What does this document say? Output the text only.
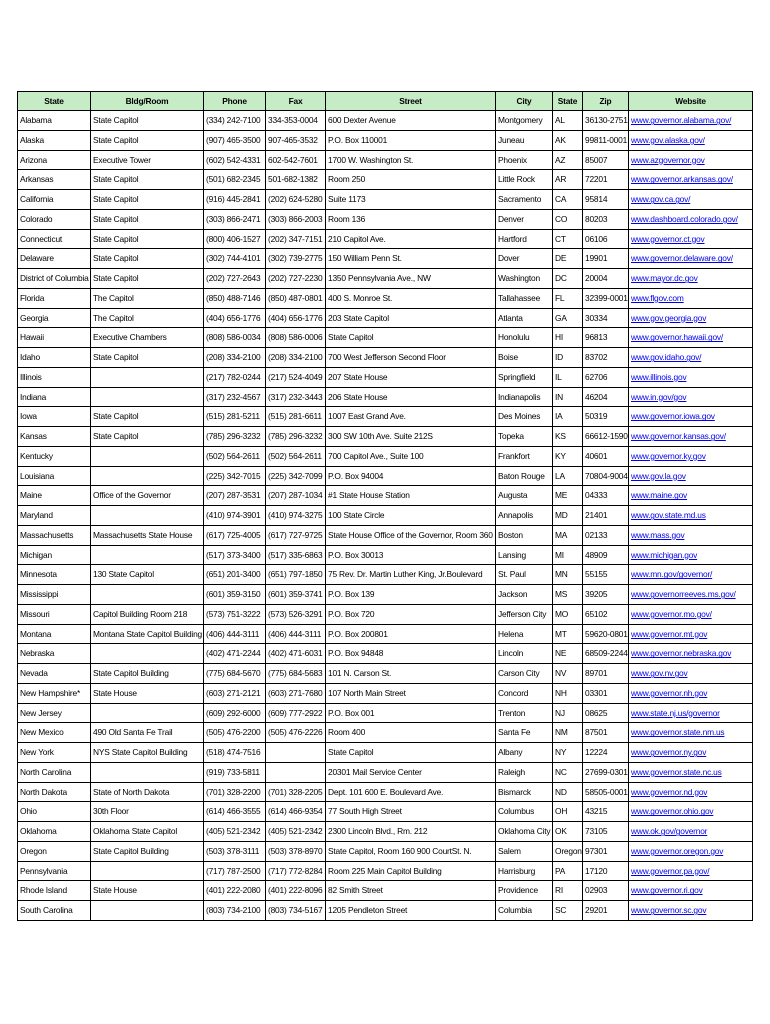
State	Bldg/Room	Phone	Fax	Street	City	State	Zip	Website
Alabama	State Capitol	(334) 242-7100	334-353-0004	600 Dexter Avenue	Montgomery	AL	36130-2751	www.governor.alabama.gov/
Alaska	State Capitol	(907) 465-3500	907-465-3532	P.O. Box 110001	Juneau	AK	99811-0001	www.gov.alaska.gov/
Arizona	Executive Tower	(602) 542-4331	602-542-7601	1700 W. Washington St.	Phoenix	AZ	85007	www.azgovernor.gov
Arkansas	State Capitol	(501) 682-2345	501-682-1382	Room 250	Little Rock	AR	72201	www.governor.arkansas.gov/
California	State Capitol	(916) 445-2841	(202) 624-5280	Suite 1173	Sacramento	CA	95814	www.gov.ca.gov/
Colorado	State Capitol	(303) 866-2471	(303) 866-2003	Room 136	Denver	CO	80203	www.dashboard.colorado.gov/
Connecticut	State Capitol	(800) 406-1527	(202) 347-7151	210 Capitol Ave.	Hartford	CT	06106	www.governor.ct.gov
Delaware	State Capitol	(302) 744-4101	(302) 739-2775	150 William Penn St.	Dover	DE	19901	www.governor.delaware.gov/
District of Columbia	State Capitol	(202) 727-2643	(202) 727-2230	1350 Pennsylvania Ave., NW	Washington	DC	20004	www.mayor.dc.gov
Florida	The Capitol	(850) 488-7146	(850) 487-0801	400 S. Monroe St.	Tallahassee	FL	32399-0001	www.flgov.com
Georgia	The Capitol	(404) 656-1776	(404) 656-1776	203 State Capitol	Atlanta	GA	30334	www.gov.georgia.gov
Hawaii	Executive Chambers	(808) 586-0034	(808) 586-0006	State Capitol	Honolulu	HI	96813	www.governor.hawaii.gov/
Idaho	State Capitol	(208) 334-2100	(208) 334-2100	700 West Jefferson Second Floor	Boise	ID	83702	www.gov.idaho.gov/
Illinois		(217) 782-0244	(217) 524-4049	207 State House	Springfield	IL	62706	www.illinois.gov
Indiana		(317) 232-4567	(317) 232-3443	206 State House	Indianapolis	IN	46204	www.in.gov/gov
Iowa	State Capitol	(515) 281-5211	(515) 281-6611	1007 East Grand Ave.	Des Moines	IA	50319	www.governor.iowa.gov
Kansas	State Capitol	(785) 296-3232	(785) 296-3232	300 SW 10th Ave. Suite 212S	Topeka	KS	66612-1590	www.governor.kansas.gov/
Kentucky		(502) 564-2611	(502) 564-2611	700 Capitol Ave., Suite 100	Frankfort	KY	40601	www.governor.ky.gov
Louisiana		(225) 342-7015	(225) 342-7099	P.O. Box 94004	Baton Rouge	LA	70804-9004	www.gov.la.gov
Maine	Office of the Governor	(207) 287-3531	(207) 287-1034	#1 State House Station	Augusta	ME	04333	www.maine.gov
Maryland		(410) 974-3901	(410) 974-3275	100 State Circle	Annapolis	MD	21401	www.gov.state.md.us
Massachusetts	Massachusetts State House	(617) 725-4005	(617) 727-9725	State House Office of the Governor, Room 360	Boston	MA	02133	www.mass.gov
Michigan		(517) 373-3400	(517) 335-6863	P.O. Box 30013	Lansing	MI	48909	www.michigan.gov
Minnesota	130 State Capitol	(651) 201-3400	(651) 797-1850	75 Rev. Dr. Martin Luther King, Jr.Boulevard	St. Paul	MN	55155	www.mn.gov/governor/
Mississippi		(601) 359-3150	(601) 359-3741	P.O. Box 139	Jackson	MS	39205	www.governorreeves.ms.gov/
Missouri	Capitol Building Room 218	(573) 751-3222	(573) 526-3291	P.O. Box 720	Jefferson City	MO	65102	www.governor.mo.gov/
Montana	Montana State Capitol Building	(406) 444-3111	(406) 444-3111	P.O. Box 200801	Helena	MT	59620-0801	www.governor.mt.gov
Nebraska		(402) 471-2244	(402) 471-6031	P.O. Box 94848	Lincoln	NE	68509-2244	www.governor.nebraska.gov
Nevada	State Capitol Building	(775) 684-5670	(775) 684-5683	101 N. Carson St.	Carson City	NV	89701	www.gov.nv.gov
New Hampshire*	State House	(603) 271-2121	(603) 271-7680	107 North Main Street	Concord	NH	03301	www.governor.nh.gov
New Jersey		(609) 292-6000	(609) 777-2922	P.O. Box 001	Trenton	NJ	08625	www.state.nj.us/governor
New Mexico	490 Old Santa Fe Trail	(505) 476-2200	(505) 476-2226	Room 400	Santa Fe	NM	87501	www.governor.state.nm.us
New York	NYS State Capitol Building	(518) 474-7516		State Capitol	Albany	NY	12224	www.governor.ny.gov
North Carolina		(919) 733-5811		20301 Mail Service Center	Raleigh	NC	27699-0301	www.governor.state.nc.us
North Dakota	State of North Dakota	(701) 328-2200	(701) 328-2205	Dept. 101 600 E. Boulevard Ave.	Bismarck	ND	58505-0001	www.governor.nd.gov
Ohio	30th Floor	(614) 466-3555	(614) 466-9354	77 South High Street	Columbus	OH	43215	www.governor.ohio.gov
Oklahoma	Oklahoma State Capitol	(405) 521-2342	(405) 521-2342	2300 Lincoln Blvd., Rm. 212	Oklahoma City	OK	73105	www.ok.gov/governor
Oregon	State Capitol Building	(503) 378-3111	(503) 378-8970	State Capitol, Room 160 900 CourtSt. N.	Salem	Oregon	97301	www.governor.oregon.gov
Pennsylvania		(717) 787-2500	(717) 772-8284	Room 225 Main Capitol Building	Harrisburg	PA	17120	www.governor.pa.gov/
Rhode Island	State House	(401) 222-2080	(401) 222-8096	82 Smith Street	Providence	RI	02903	www.governor.ri.gov
South Carolina		(803) 734-2100	(803) 734-5167	1205 Pendleton Street	Columbia	SC	29201	www.governor.sc.gov
